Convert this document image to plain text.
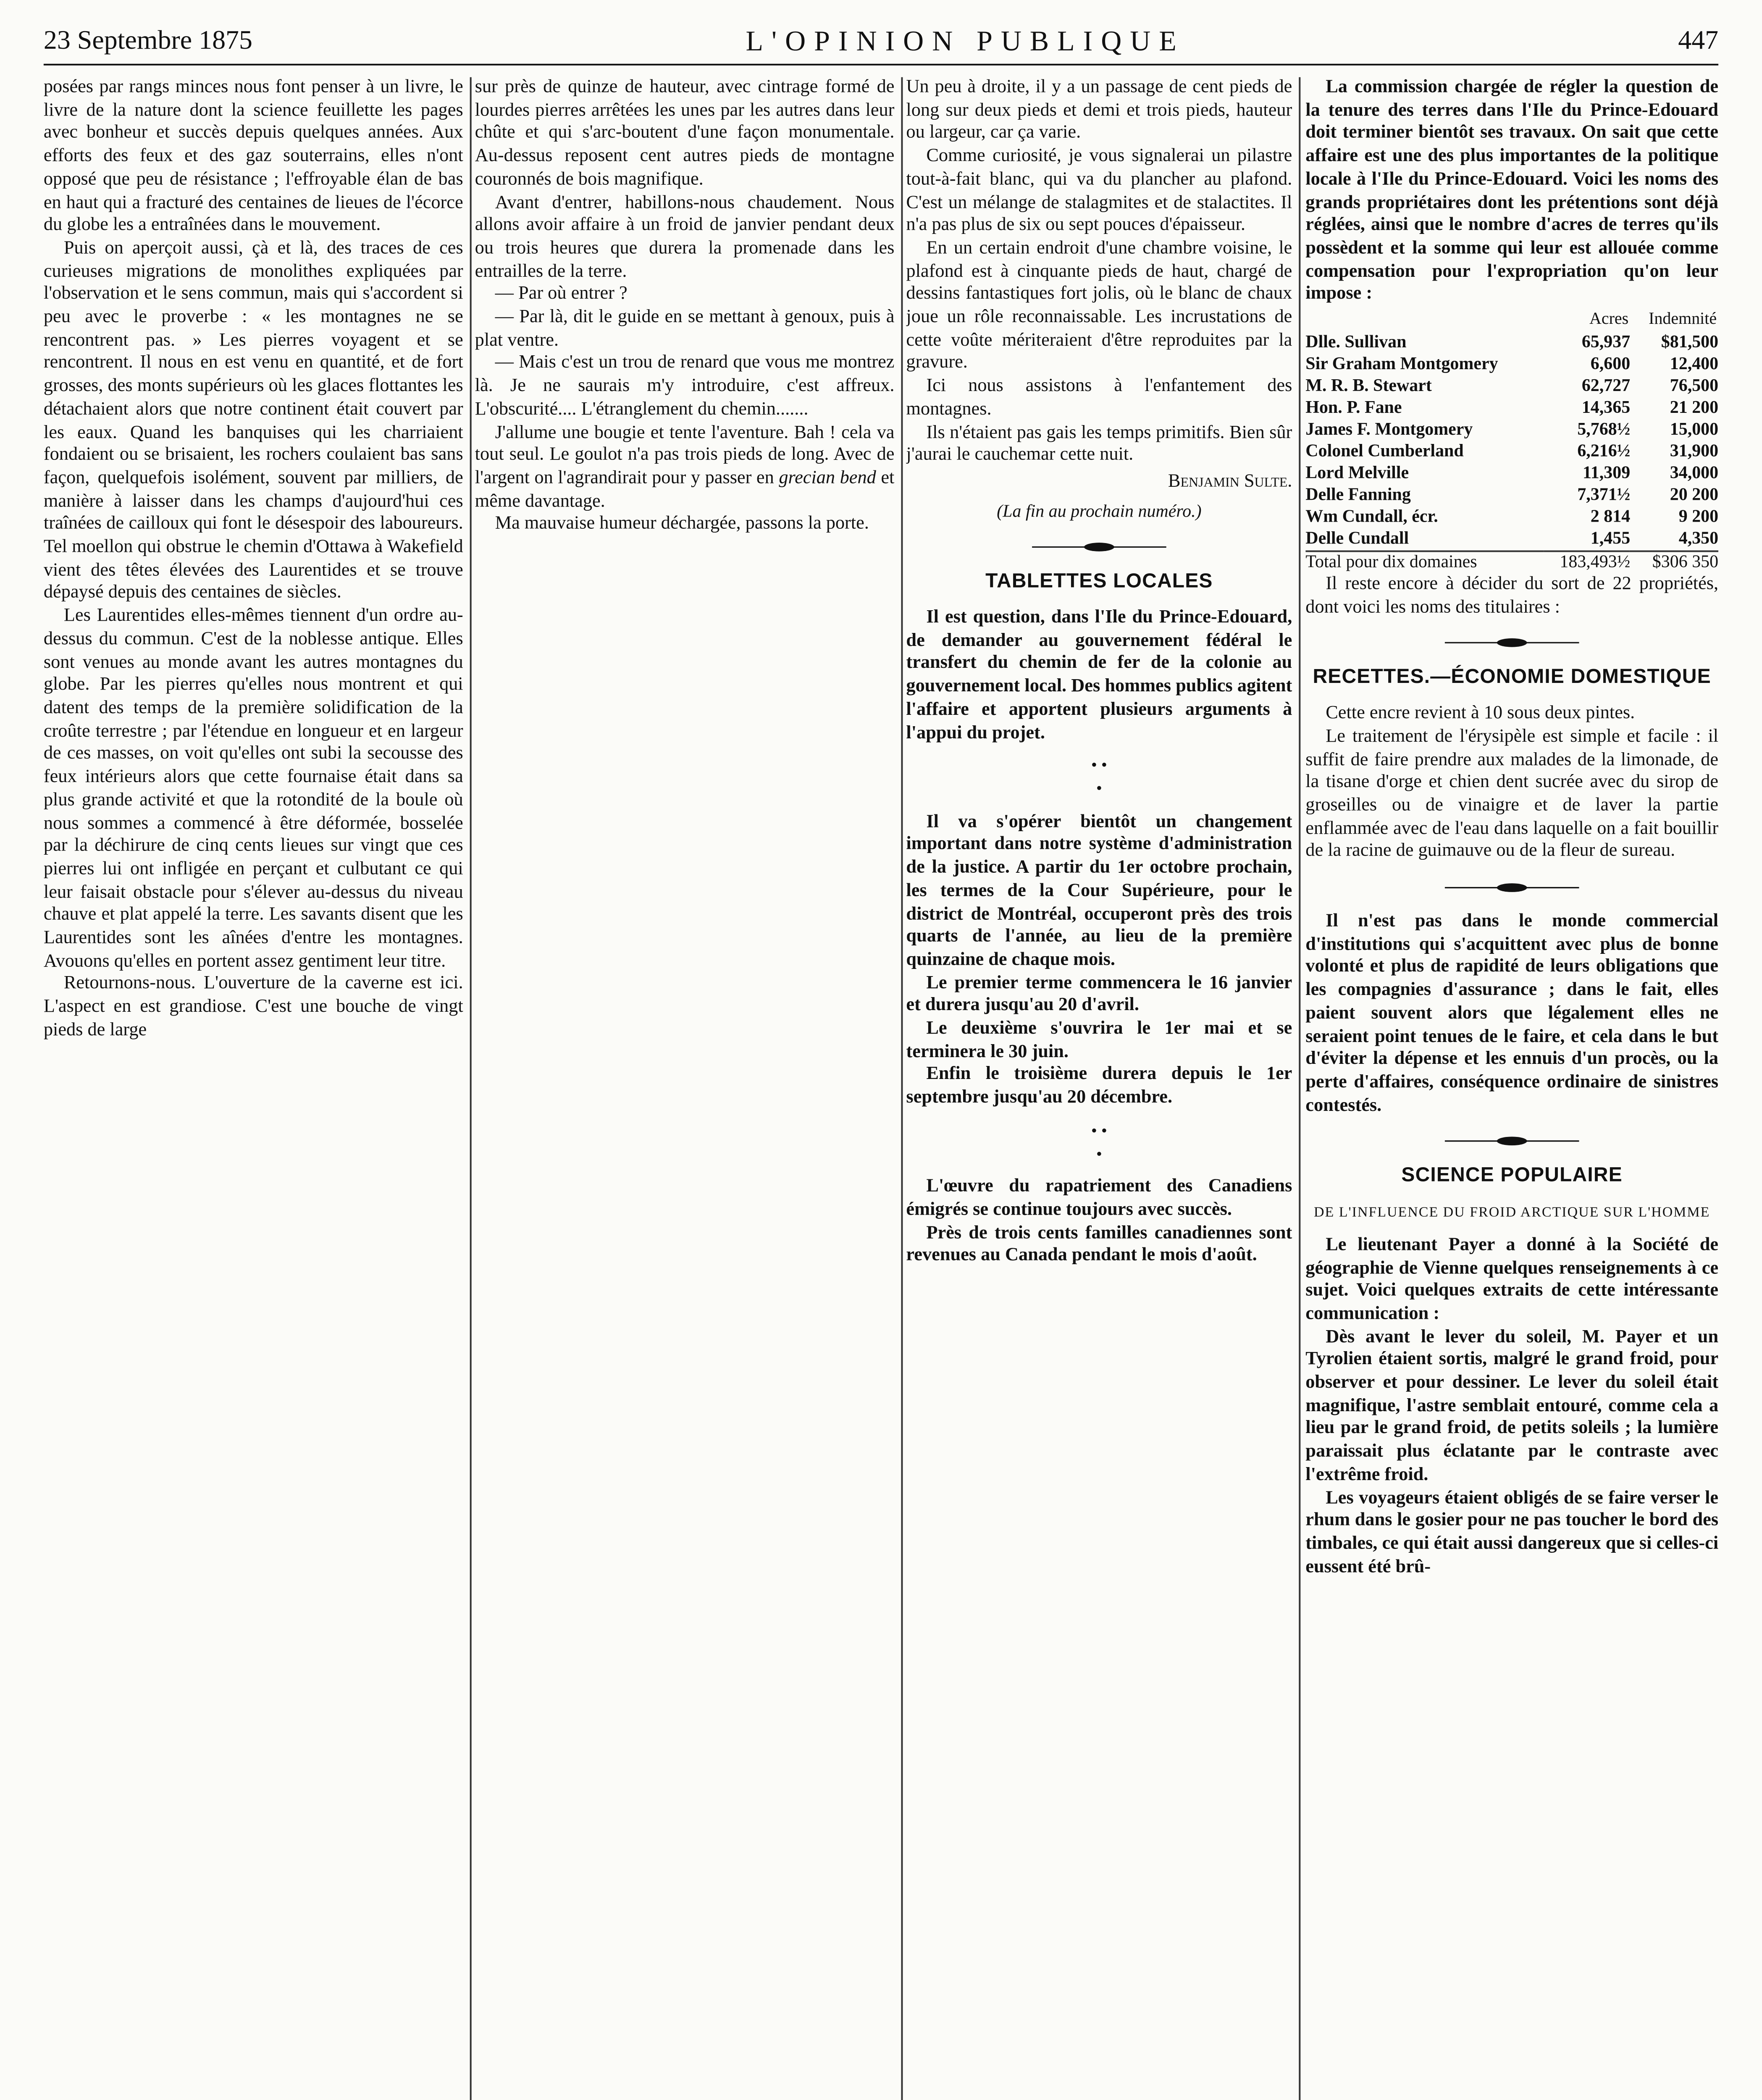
23 Septembre 1875	L'OPINION PUBLIQUE	447

posées par rangs minces nous font penser à un livre, le livre de la nature dont la science feuillette les pages avec bonheur et succès depuis quelques années. Aux efforts des feux et des gaz souterrains, elles n'ont opposé que peu de résistance ; l'effroyable élan de bas en haut qui a fracturé des centaines de lieues de l'écorce du globe les a entraînées dans le mouvement.

Puis on aperçoit aussi, çà et là, des traces de ces curieuses migrations de monolithes expliquées par l'observation et le sens commun, mais qui s'accordent si peu avec le proverbe : « les montagnes ne se rencontrent pas. » Les pierres voyagent et se rencontrent. Il nous en est venu en quantité, et de fort grosses, des monts supérieurs où les glaces flottantes les détachaient alors que notre continent était couvert par les eaux. Quand les banquises qui les charriaient fondaient ou se brisaient, les rochers coulaient bas sans façon, quelquefois isolément, souvent par milliers, de manière à laisser dans les champs d'aujourd'hui ces traînées de cailloux qui font le désespoir des laboureurs. Tel moellon qui obstrue le chemin d'Ottawa à Wakefield vient des têtes élevées des Laurentides et se trouve dépaysé depuis des centaines de siècles.

Les Laurentides elles-mêmes tiennent d'un ordre au-dessus du commun. C'est de la noblesse antique. Elles sont venues au monde avant les autres montagnes du globe. Par les pierres qu'elles nous montrent et qui datent des temps de la première solidification de la croûte terrestre ; par l'étendue en longueur et en largeur de ces masses, on voit qu'elles ont subi la secousse des feux intérieurs alors que cette fournaise était dans sa plus grande activité et que la rotondité de la boule où nous sommes a commencé à être déformée, bosselée par la déchirure de cinq cents lieues sur vingt que ces pierres lui ont infligée en perçant et culbutant ce qui leur faisait obstacle pour s'élever au-dessus du niveau chauve et plat appelé la terre. Les savants disent que les Laurentides sont les aînées d'entre les montagnes. Avouons qu'elles en portent assez gentiment leur titre.

Retournons-nous. L'ouverture de la caverne est ici. L'aspect en est grandiose. C'est une bouche de vingt pieds de large

sur près de quinze de hauteur, avec cintrage formé de lourdes pierres arrêtées les unes par les autres dans leur chûte et qui s'arc-boutent d'une façon monumentale. Au-dessus reposent cent autres pieds de montagne couronnés de bois magnifique.

Avant d'entrer, habillons-nous chaudement. Nous allons avoir affaire à un froid de janvier pendant deux ou trois heures que durera la promenade dans les entrailles de la terre.

— Par où entrer ?

— Par là, dit le guide en se mettant à genoux, puis à plat ventre.

— Mais c'est un trou de renard que vous me montrez là. Je ne saurais m'y introduire, c'est affreux. L'obscurité.... L'étranglement du chemin.......

J'allume une bougie et tente l'aventure. Bah ! cela va tout seul. Le goulot n'a pas trois pieds de long. Avec de l'argent on l'agrandirait pour y passer en grecian bend et même davantage.

Ma mauvaise humeur déchargée, passons la porte.

Un peu à droite, il y a un passage de cent pieds de long sur deux pieds et demi et trois pieds, hauteur ou largeur, car ça varie.

Comme curiosité, je vous signalerai un pilastre tout-à-fait blanc, qui va du plancher au plafond. C'est un mélange de stalagmites et de stalactites. Il n'a pas plus de six ou sept pouces d'épaisseur.

En un certain endroit d'une chambre voisine, le plafond est à cinquante pieds de haut, chargé de dessins fantastiques fort jolis, où le blanc de chaux joue un rôle reconnaissable. Les incrustations de cette voûte mériteraient d'être reproduites par la gravure.

Ici nous assistons à l'enfantement des montagnes.

Ils n'étaient pas gais les temps primitifs. Bien sûr j'aurai le cauchemar cette nuit.

Benjamin Sulte.
(La fin au prochain numéro.)
TABLETTES LOCALES

Il est question, dans l'Ile du Prince-Edouard, de demander au gouvernement fédéral le transfert du chemin de fer de la colonie au gouvernement local. Des hommes publics agitent l'affaire et apportent plusieurs arguments à l'appui du projet.

• •
•

Il va s'opérer bientôt un changement important dans notre système d'administration de la justice. A partir du 1er octobre prochain, les termes de la Cour Supérieure, pour le district de Montréal, occuperont près des trois quarts de l'année, au lieu de la première quinzaine de chaque mois.

Le premier terme commencera le 16 janvier et durera jusqu'au 20 d'avril.

Le deuxième s'ouvrira le 1er mai et se terminera le 30 juin.

Enfin le troisième durera depuis le 1er septembre jusqu'au 20 décembre.

• •
•

L'œuvre du rapatriement des Canadiens émigrés se continue toujours avec succès.

Près de trois cents familles canadiennes sont revenues au Canada pendant le mois d'août.

La commission chargée de régler la question de la tenure des terres dans l'Ile du Prince-Edouard doit terminer bientôt ses travaux. On sait que cette affaire est une des plus importantes de la politique locale à l'Ile du Prince-Edouard. Voici les noms des grands propriétaires dont les prétentions sont déjà réglées, ainsi que le nombre d'acres de terres qu'ils possèdent et la somme qui leur est allouée comme compensation pour l'expropriation qu'on leur impose :

	Acres	Indemnité
Dlle. Sullivan	65,937	$81,500
Sir Graham Montgomery	6,600	12,400
M. R. B. Stewart	62,727	76,500
Hon. P. Fane	14,365	21 200
James F. Montgomery	5,768½	15,000
Colonel Cumberland	6,216½	31,900
Lord Melville	11,309	34,000
Delle Fanning	7,371½	20 200
Wm Cundall, écr.	2 814	9 200
Delle Cundall	1,455	4,350
Total pour dix domaines	183,493½	$306 350

Il reste encore à décider du sort de 22 propriétés, dont voici les noms des titulaires :

RECETTES.—ÉCONOMIE DOMESTIQUE

Cette encre revient à 10 sous deux pintes.

Le traitement de l'érysipèle est simple et facile : il suffit de faire prendre aux malades de la limonade, de la tisane d'orge et chien dent sucrée avec du sirop de groseilles ou de vinaigre et de laver la partie enflammée avec de l'eau dans laquelle on a fait bouillir de la racine de guimauve ou de la fleur de sureau.

Il n'est pas dans le monde commercial d'institutions qui s'acquittent avec plus de bonne volonté et plus de rapidité de leurs obligations que les compagnies d'assurance ; dans le fait, elles paient souvent alors que légalement elles ne seraient point tenues de le faire, et cela dans le but d'éviter la dépense et les ennuis d'un procès, ou la perte d'affaires, conséquence ordinaire de sinistres contestés.

SCIENCE POPULAIRE
DE L'INFLUENCE DU FROID ARCTIQUE SUR L'HOMME

Le lieutenant Payer a donné à la Société de géographie de Vienne quelques renseignements à ce sujet. Voici quelques extraits de cette intéressante communication :

Dès avant le lever du soleil, M. Payer et un Tyrolien étaient sortis, malgré le grand froid, pour observer et pour dessiner. Le lever du soleil était magnifique, l'astre semblait entouré, comme cela a lieu par le grand froid, de petits soleils ; la lumière paraissait plus éclatante par le contraste avec l'extrême froid.

Les voyageurs étaient obligés de se faire verser le rhum dans le gosier pour ne pas toucher le bord des timbales, ce qui était aussi dangereux que si celles-ci eussent été brû-
